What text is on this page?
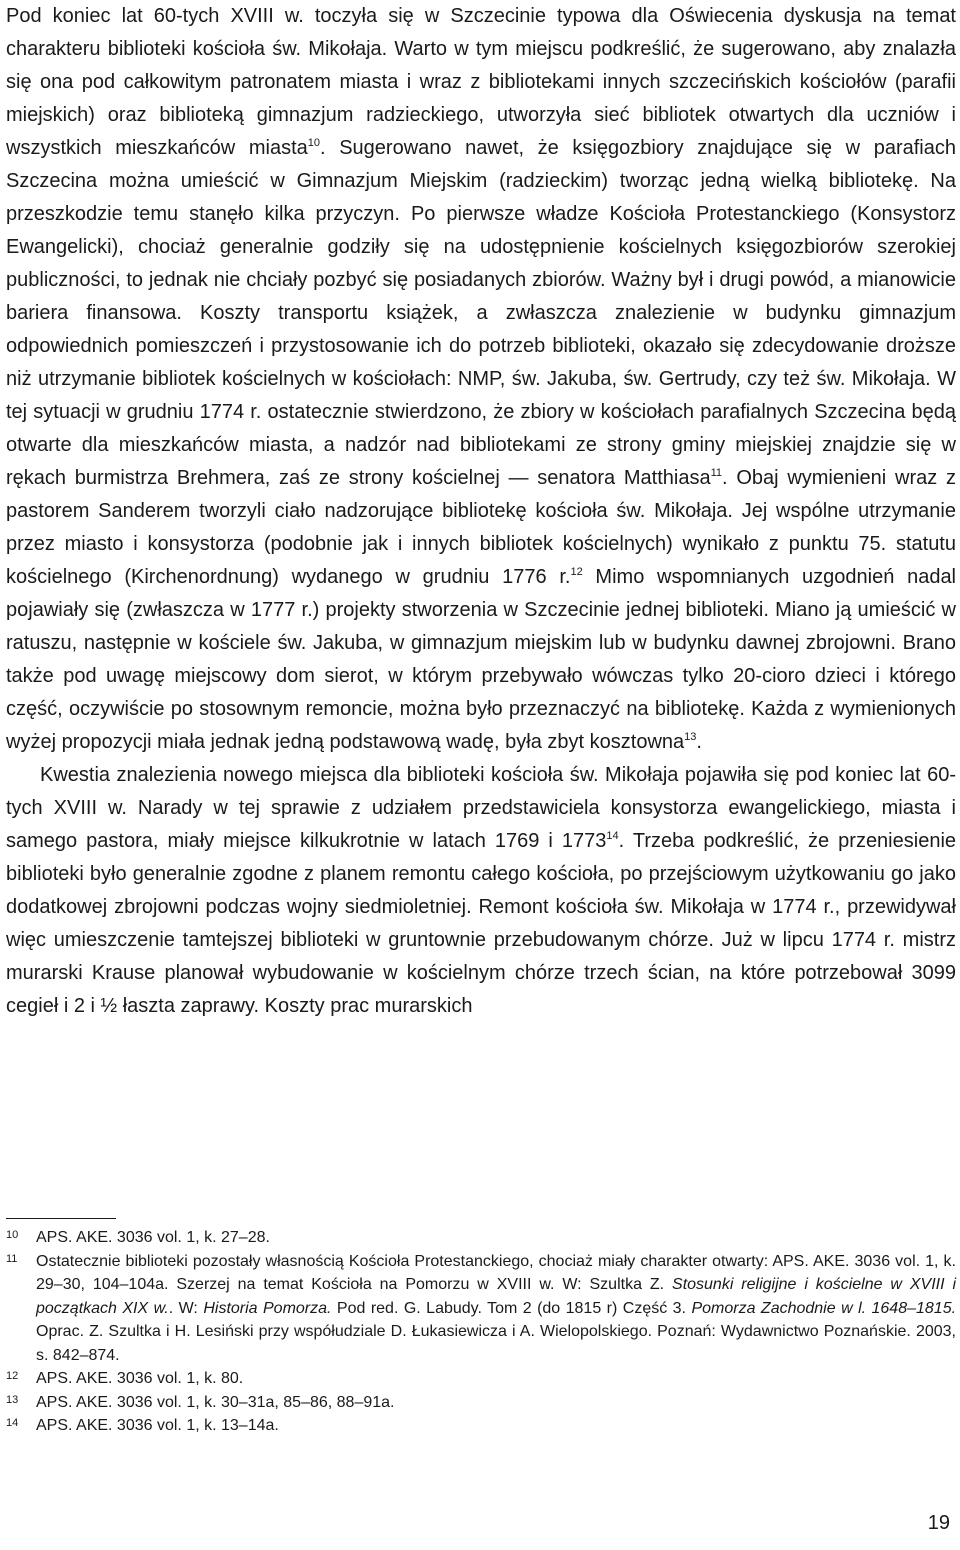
Pod koniec lat 60-tych XVIII w. toczyła się w Szczecinie typowa dla Oświecenia dyskusja na temat charakteru biblioteki kościoła św. Mikołaja. Warto w tym miejscu podkreślić, że sugerowano, aby znalazła się ona pod całkowitym patronatem miasta i wraz z bibliotekami innych szczecińskich kościołów (parafii miejskich) oraz biblioteką gimnazjum radzieckiego, utworzyła sieć bibliotek otwartych dla uczniów i wszystkich mieszkańców miasta$^{10}$. Sugerowano nawet, że księgozbiory znajdujące się w parafiach Szczecina można umieścić w Gimnazjum Miejskim (radzieckim) tworząc jedną wielką bibliotekę. Na przeszkodzie temu stanęło kilka przyczyn. Po pierwsze władze Kościoła Protestanckiego (Konsystorz Ewangelicki), chociaż generalnie godziły się na udostępnienie kościelnych księgozbiorów szerokiej publiczności, to jednak nie chciały pozbyć się posiadanych zbiorów. Ważny był i drugi powód, a mianowicie bariera finansowa. Koszty transportu książek, a zwłaszcza znalezienie w budynku gimnazjum odpowiednich pomieszczeń i przystosowanie ich do potrzeb biblioteki, okazało się zdecydowanie droższe niż utrzymanie bibliotek kościelnych w kościołach: NMP, św. Jakuba, św. Gertrudy, czy też św. Mikołaja. W tej sytuacji w grudniu 1774 r. ostatecznie stwierdzono, że zbiory w kościołach parafialnych Szczecina będą otwarte dla mieszkańców miasta, a nadzór nad bibliotekami ze strony gminy miejskiej znajdzie się w rękach burmistrza Brehmera, zaś ze strony kościelnej — senatora Matthiasa$^{11}$. Obaj wymienieni wraz z pastorem Sanderem tworzyli ciało nadzorujące bibliotekę kościoła św. Mikołaja. Jej wspólne utrzymanie przez miasto i konsystorza (podobnie jak i innych bibliotek kościelnych) wynikało z punktu 75. statutu kościelnego (Kirchenordnung) wydanego w grudniu 1776 r.$^{12}$ Mimo wspomnianych uzgodnień nadal pojawiały się (zwłaszcza w 1777 r.) projekty stworzenia w Szczecinie jednej biblioteki. Miano ją umieścić w ratuszu, następnie w kościele św. Jakuba, w gimnazjum miejskim lub w budynku dawnej zbrojowni. Brano także pod uwagę miejscowy dom sierot, w którym przebywało wówczas tylko 20-cioro dzieci i którego część, oczywiście po stosownym remoncie, można było przeznaczyć na bibliotekę. Każda z wymienionych wyżej propozycji miała jednak jedną podstawową wadę, była zbyt kosztowna$^{13}$.

Kwestia znalezienia nowego miejsca dla biblioteki kościoła św. Mikołaja pojawiła się pod koniec lat 60-tych XVIII w. Narady w tej sprawie z udziałem przedstawiciela konsystorza ewangelickiego, miasta i samego pastora, miały miejsce kilkukrotnie w latach 1769 i 1773$^{14}$. Trzeba podkreślić, że przeniesienie biblioteki było generalnie zgodne z planem remontu całego kościoła, po przejściowym użytkowaniu go jako dodatkowej zbrojowni podczas wojny siedmioletniej. Remont kościoła św. Mikołaja w 1774 r., przewidywał więc umieszczenie tamtejszej biblioteki w gruntownie przebudowanym chórze. Już w lipcu 1774 r. mistrz murarski Krause planował wybudowanie w kościelnym chórze trzech ścian, na które potrzebował 3099 cegieł i 2 i ½ łaszta zaprawy. Koszty prac murarskich

10	APS. AKE. 3036 vol. 1, k. 27–28.
11	Ostatecznie biblioteki pozostały własnością Kościoła Protestanckiego, chociaż miały charakter otwarty: APS. AKE. 3036 vol. 1, k. 29–30, 104–104a. Szerzej na temat Kościoła na Pomorzu w XVIII w. W: Szultka Z. Stosunki religijne i kościelne w XVIII i początkach XIX w.. W: Historia Pomorza. Pod red. G. Labudy. Tom 2 (do 1815 r) Część 3. Pomorza Zachodnie w l. 1648–1815. Oprac. Z. Szultka i H. Lesiński przy współudziale D. Łukasiewicza i A. Wielopolskiego. Poznań: Wydawnictwo Poznańskie. 2003, s. 842–874.
12	APS. AKE. 3036 vol. 1, k. 80.
13	APS. AKE. 3036 vol. 1, k. 30–31a, 85–86, 88–91a.
14	APS. AKE. 3036 vol. 1, k. 13–14a.
19
